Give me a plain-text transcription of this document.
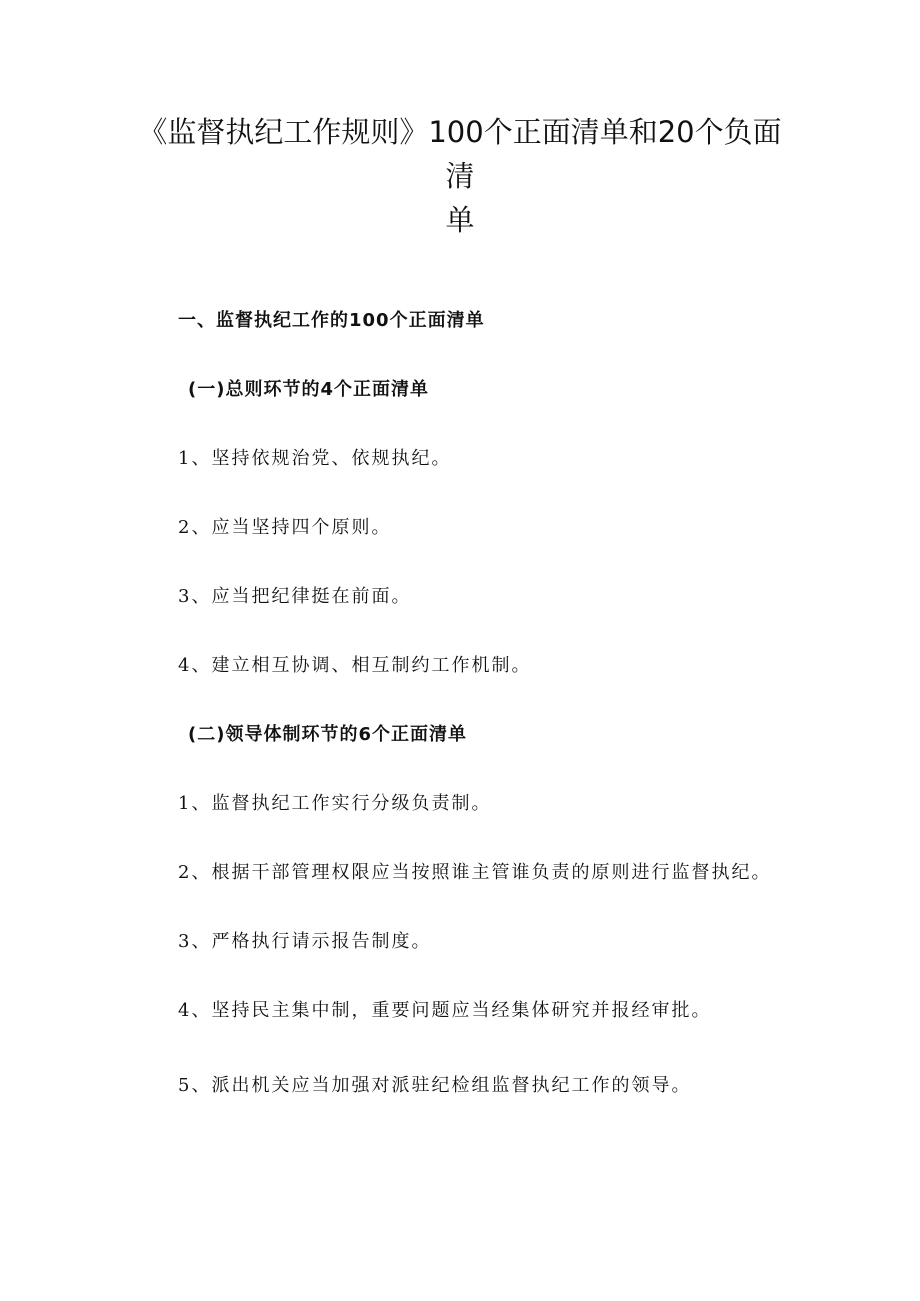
《监督执纪工作规则》100个正面清单和20个负面清
单

一、监督执纪工作的100个正面清单

(一)总则环节的4个正面清单

1、坚持依规治党、依规执纪。

2、应当坚持四个原则。

3、应当把纪律挺在前面。

4、建立相互协调、相互制约工作机制。

(二)领导体制环节的6个正面清单

1、监督执纪工作实行分级负责制。

2、根据干部管理权限应当按照谁主管谁负责的原则进行监督执纪。

3、严格执行请示报告制度。

4、坚持民主集中制，重要问题应当经集体研究并报经审批。

5、派出机关应当加强对派驻纪检组监督执纪工作的领导。
